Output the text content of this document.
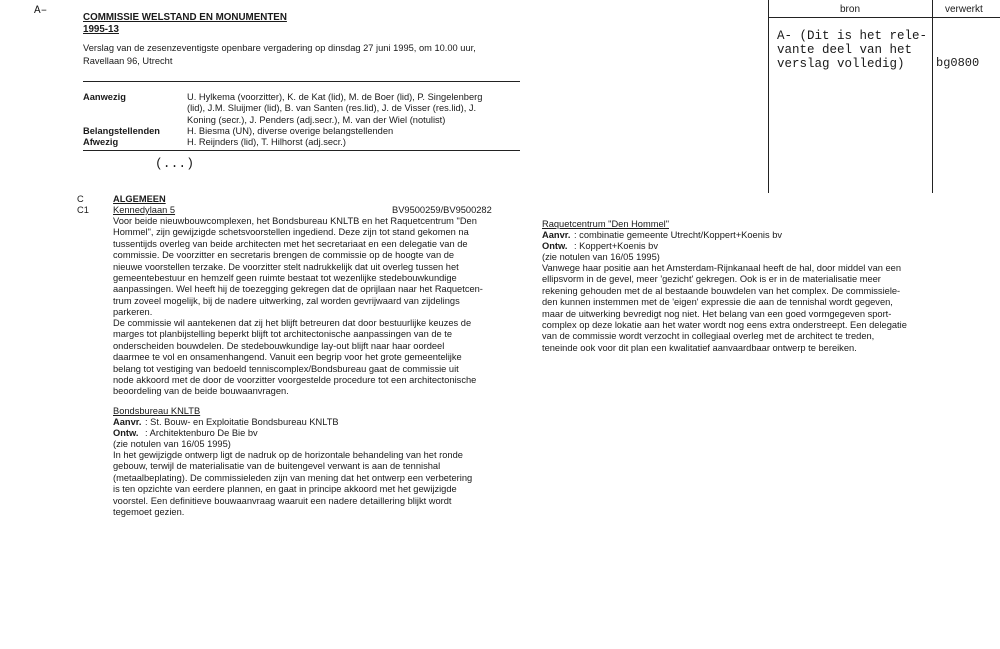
A–
COMMISSIE WELSTAND EN MONUMENTEN
1995-13
Verslag van de zesenzeventigste openbare vergadering op dinsdag 27 juni 1995, om 10.00 uur,
Ravellaan 96, Utrecht
Aanwezig	U. Hylkema (voorzitter), K. de Kat (lid), M. de Boer (lid), P. Singelenberg
(lid), J.M. Sluijmer (lid), B. van Santen (res.lid), J. de Visser (res.lid), J.
Koning (secr.), J. Penders (adj.secr.), M. van der Wiel (notulist)
Belangstellenden	H. Biesma (UN), diverse overige belangstellenden
Afwezig	H. Reijnders (lid), T. Hilhorst (adj.secr.)
(...)
bron	verwerkt
A- (Dit is het rele-
vante deel van het
verslag volledig)	bg0800
C
C1
ALGEMEEN
Kennedylaan 5	BV9500259/BV9500282
Voor beide nieuwbouwcomplexen, het Bondsbureau KNLTB en het Raquetcentrum "Den
Hommel", zijn gewijzigde schetsvoorstellen ingediend. Deze zijn tot stand gekomen na
tussentijds overleg van beide architecten met het secretariaat en een delegatie van de
commissie. De voorzitter en secretaris brengen de commissie op de hoogte van de
nieuwe voorstellen terzake. De voorzitter stelt nadrukkelijk dat uit overleg tussen het
gemeentebestuur en hemzelf geen ruimte bestaat tot wezenlijke stedebouwkundige
aanpassingen. Wel heeft hij de toezegging gekregen dat de oprijlaan naar het Raquetcen-
trum zoveel mogelijk, bij de nadere uitwerking, zal worden gevrijwaard van zijdelings
parkeren.
De commissie wil aantekenen dat zij het blijft betreuren dat door bestuurlijke keuzes de
marges tot planbijstelling beperkt blijft tot architectonische aanpassingen van de te
onderscheiden bouwdelen. De stedebouwkundige lay-out blijft naar haar oordeel
daarmee te vol en onsamenhangend. Vanuit een begrip voor het grote gemeentelijke
belang tot vestiging van bedoeld tenniscomplex/Bondsbureau gaat de commissie uit
node akkoord met de door de voorzitter voorgestelde procedure tot een architectonische
beoordeling van de beide bouwaanvragen.
Bondsbureau KNLTB
Aanvr. : St. Bouw- en Exploitatie Bondsbureau KNLTB
Ontw. : Architektenburo De Bie bv
(zie notulen van 16/05 1995)
In het gewijzigde ontwerp ligt de nadruk op de horizontale behandeling van het ronde
gebouw, terwijl de materialisatie van de buitengevel verwant is aan de tennishal
(metaalbeplating). De commissieleden zijn van mening dat het ontwerp een verbetering
is ten opzichte van eerdere plannen, en gaat in principe akkoord met het gewijzigde
voorstel. Een definitieve bouwaanvraag waaruit een nadere detaillering blijkt wordt
tegemoet gezien.
Raquetcentrum "Den Hommel"
Aanvr. : combinatie gemeente Utrecht/Koppert+Koenis bv
Ontw. : Koppert+Koenis bv
(zie notulen van 16/05 1995)
Vanwege haar positie aan het Amsterdam-Rijnkanaal heeft de hal, door middel van een
ellipsvorm in de gevel, meer 'gezicht' gekregen. Ook is er in de materialisatie meer
rekening gehouden met de al bestaande bouwdelen van het complex. De commissiele-
den kunnen instemmen met de 'eigen' expressie die aan de tennishal wordt gegeven,
maar de uitwerking bevredigt nog niet. Het belang van een goed vormgegeven sport-
complex op deze lokatie aan het water wordt nog eens extra onderstreept. Een delegatie
van de commissie wordt verzocht in collegiaal overleg met de architect te treden,
teneinde ook voor dit plan een kwalitatief aanvaardbaar ontwerp te bereiken.
